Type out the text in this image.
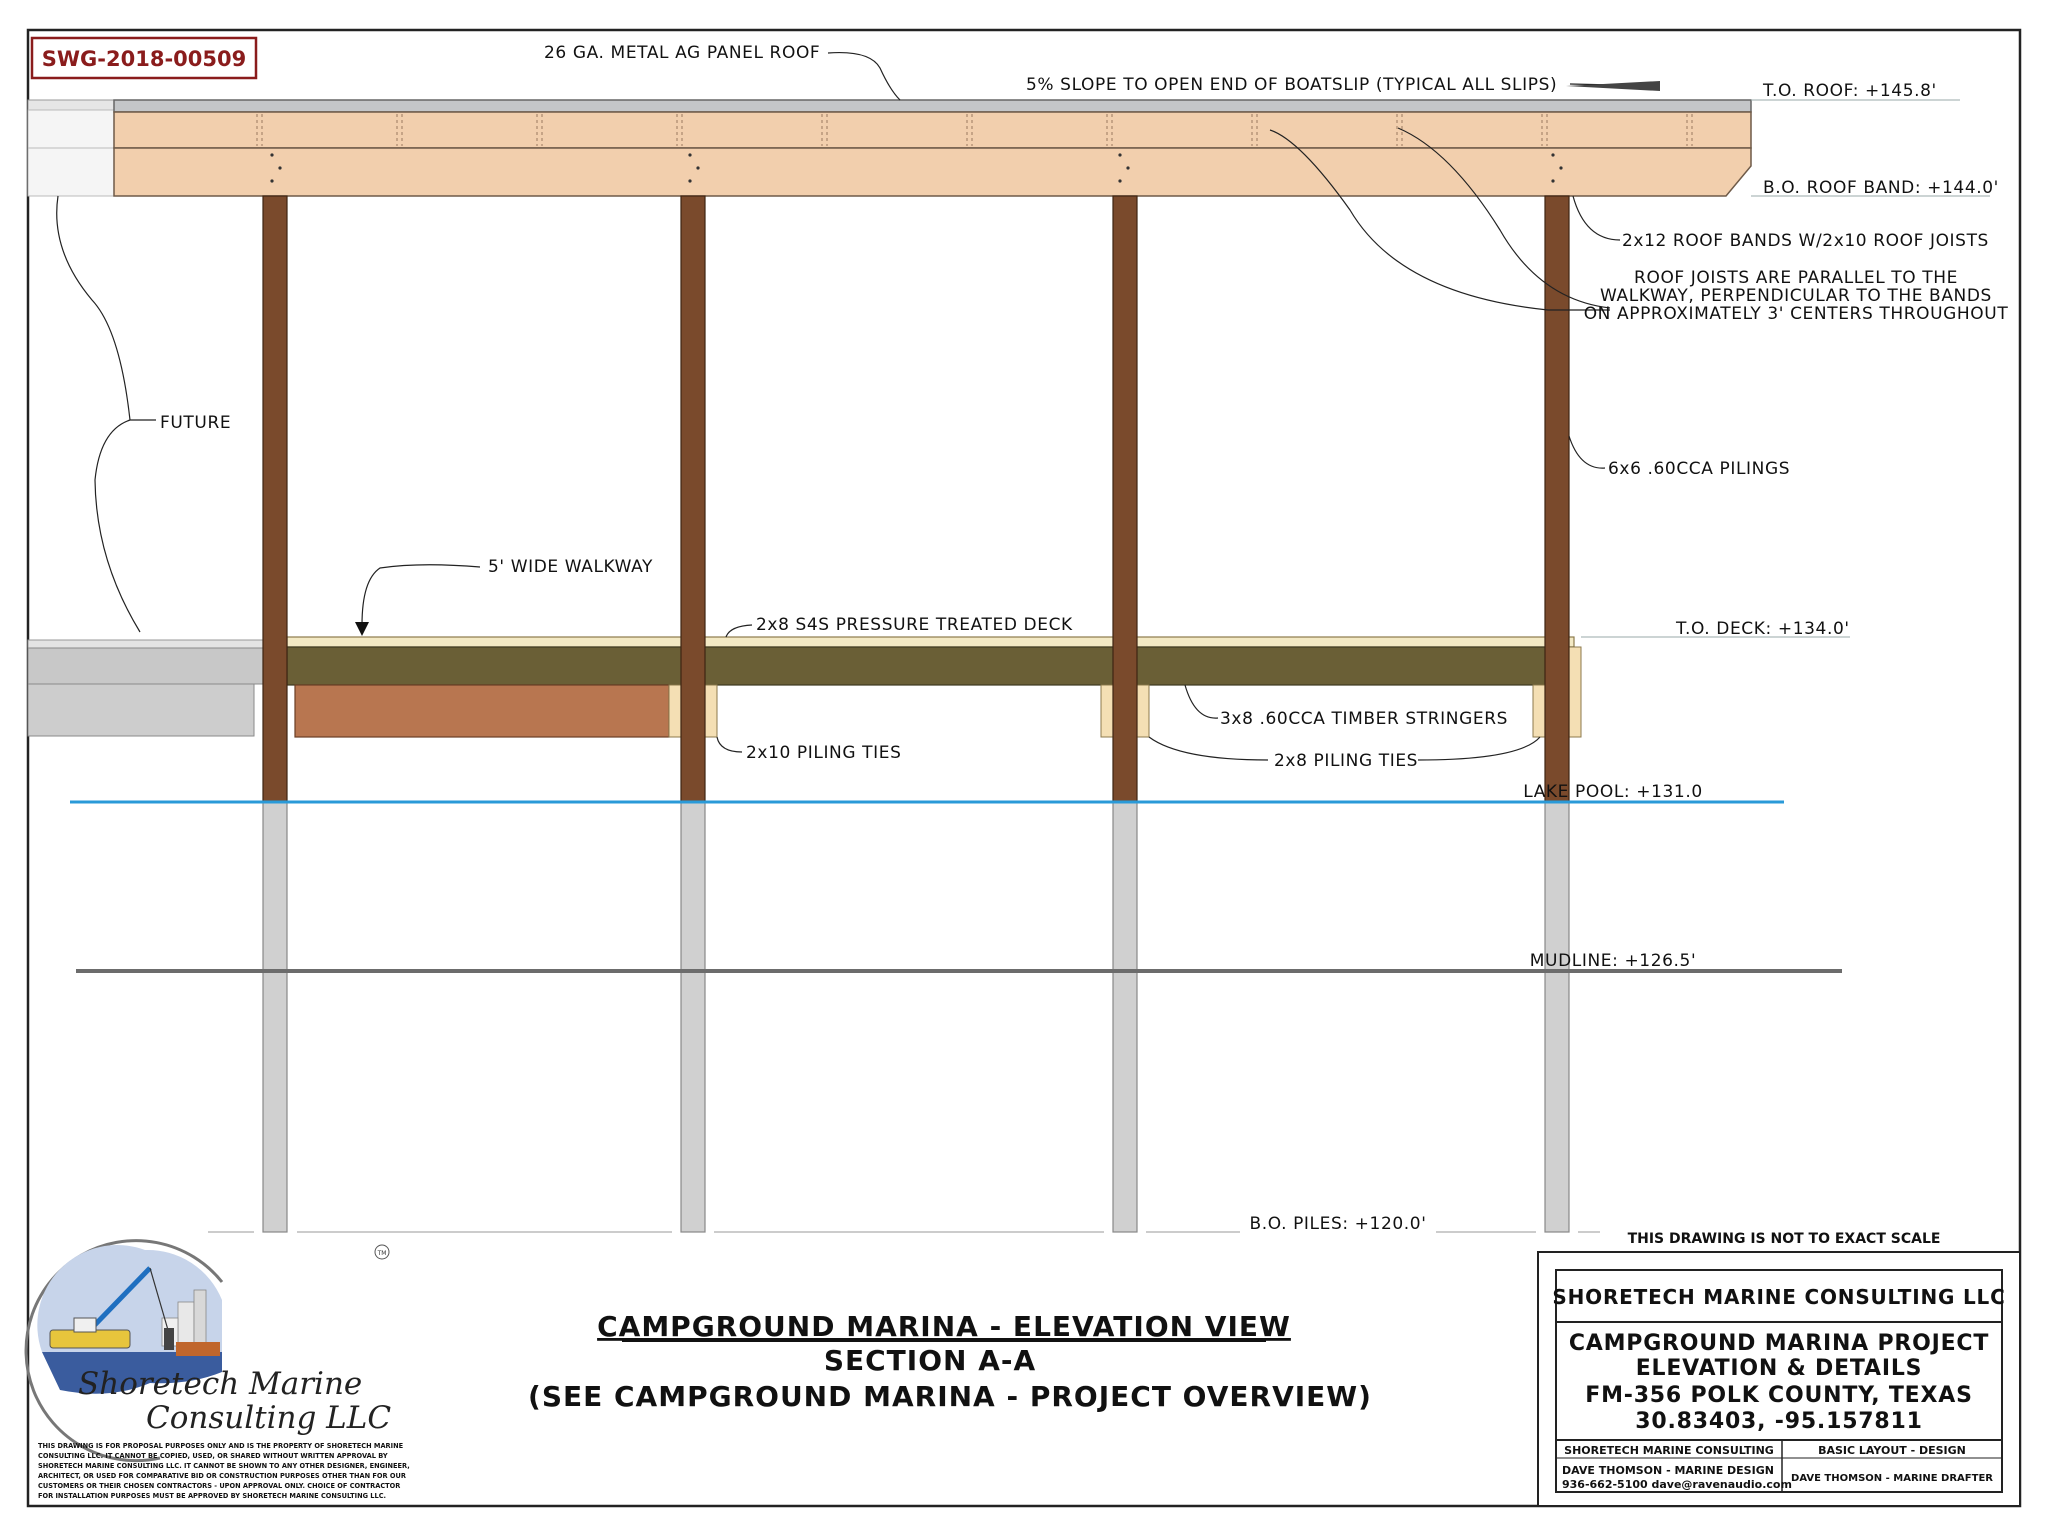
SWG-2018-00509	26 GA. METAL AG PANEL ROOF
5% SLOPE TO OPEN END OF BOATSLIP (TYPICAL ALL SLIPS)	T.O. ROOF: +145.8'
B.O. ROOF BAND: +144.0'
2x12 ROOF BANDS W/2x10 ROOF JOISTS
ROOF JOISTS ARE PARALLEL TO THE
WALKWAY, PERPENDICULAR TO THE BANDS
ON APPROXIMATELY 3' CENTERS THROUGHOUT
FUTURE
6x6 .60CCA PILINGS
5' WIDE WALKWAY
2x8 S4S PRESSURE TREATED DECK	T.O. DECK: +134.0'
3x8 .60CCA TIMBER STRINGERS
2x10 PILING TIES	2x8 PILING TIES
LAKE POOL: +131.0
MUDLINE: +126.5'
B.O. PILES: +120.0'
THIS DRAWING IS NOT TO EXACT SCALE
TM
Shoretech Marine
Consulting LLC
THIS DRAWING IS FOR PROPOSAL PURPOSES ONLY AND IS THE PROPERTY OF SHORETECH MARINE
CONSULTING LLC. IT CANNOT BE COPIED, USED, OR SHARED WITHOUT WRITTEN APPROVAL BY
SHORETECH MARINE CONSULTING LLC. IT CANNOT BE SHOWN TO ANY OTHER DESIGNER, ENGINEER,
ARCHITECT, OR USED FOR COMPARATIVE BID OR CONSTRUCTION PURPOSES OTHER THAN FOR OUR
CUSTOMERS OR THEIR CHOSEN CONTRACTORS - UPON APPROVAL ONLY. CHOICE OF CONTRACTOR
FOR INSTALLATION PURPOSES MUST BE APPROVED BY SHORETECH MARINE CONSULTING LLC.
CAMPGROUND MARINA - ELEVATION VIEW
SECTION A-A
(SEE CAMPGROUND MARINA - PROJECT OVERVIEW)
SHORETECH MARINE CONSULTING LLC
CAMPGROUND MARINA PROJECT
ELEVATION & DETAILS
FM-356 POLK COUNTY, TEXAS
30.83403, -95.157811
SHORETECH MARINE CONSULTING	BASIC LAYOUT - DESIGN
DAVE THOMSON - MARINE DESIGN
936-662-5100 dave@ravenaudio.com DAVE THOMSON - MARINE DRAFTER
